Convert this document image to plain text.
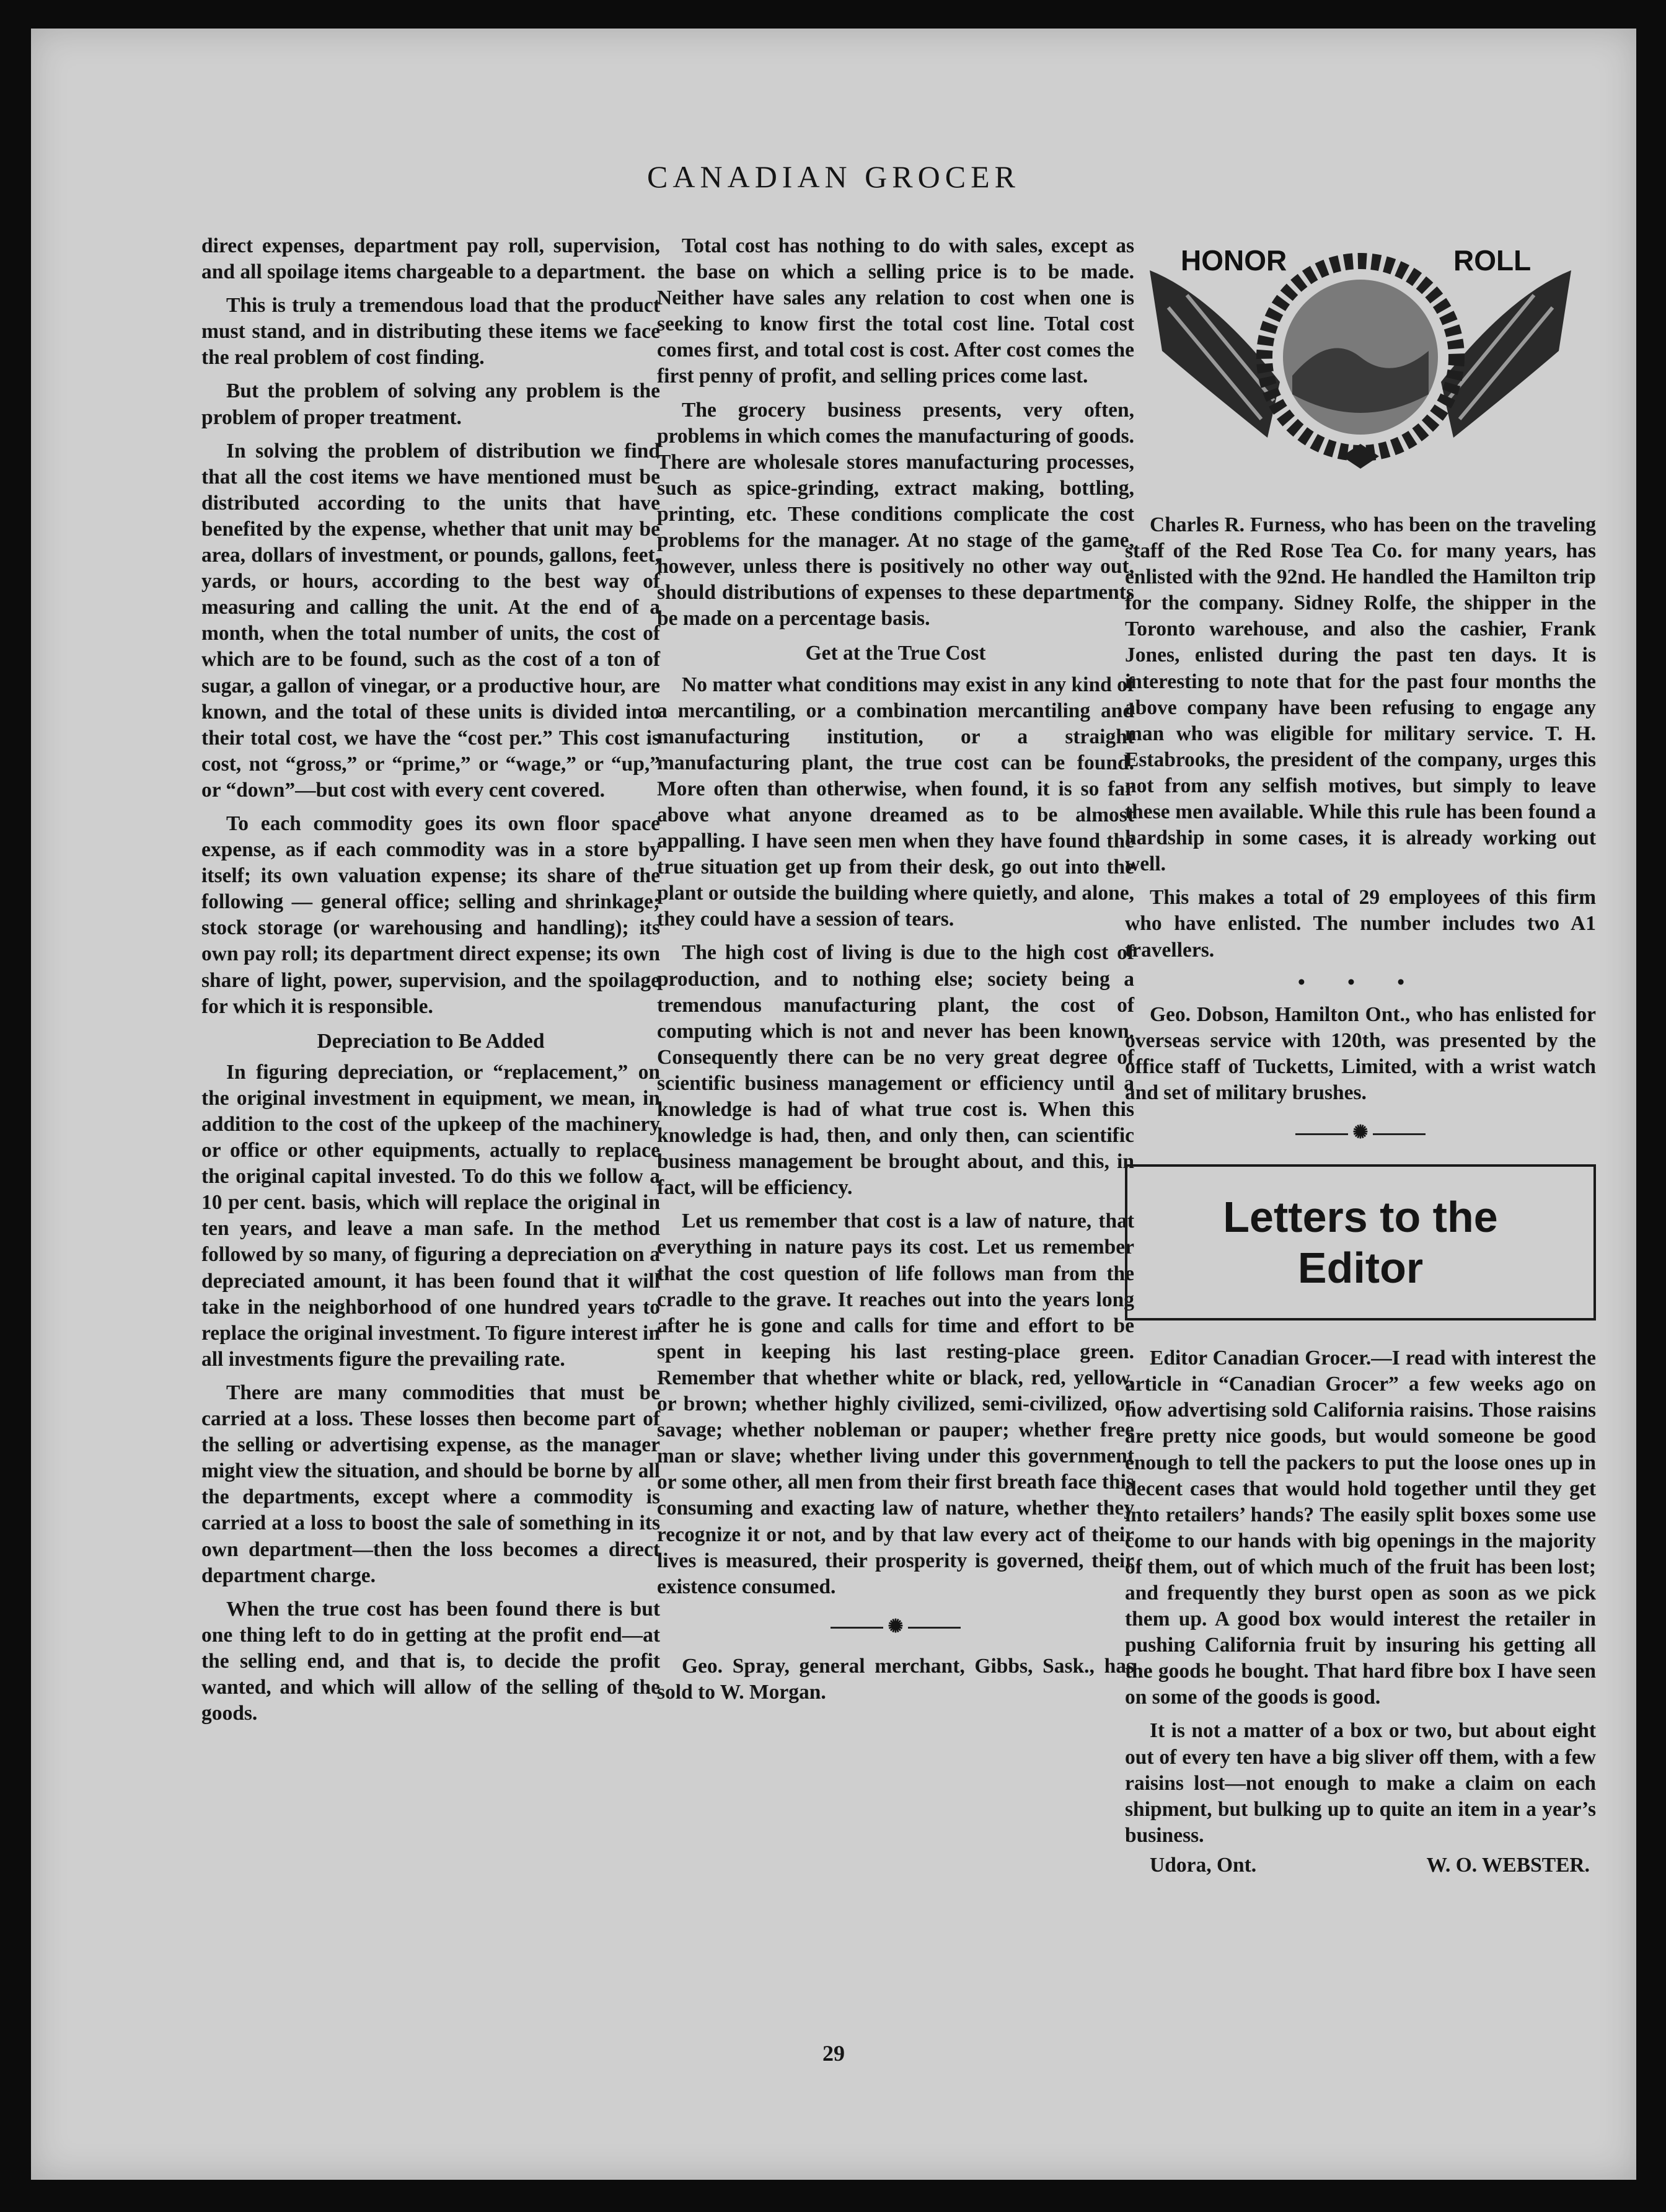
CANADIAN GROCER

direct expenses, department pay roll, supervision, and all spoilage items chargeable to a department.

This is truly a tremendous load that the product must stand, and in distributing these items we face the real problem of cost finding.

But the problem of solving any problem is the problem of proper treatment.

In solving the problem of distribution we find that all the cost items we have mentioned must be distributed according to the units that have benefited by the expense, whether that unit may be area, dollars of investment, or pounds, gallons, feet, yards, or hours, according to the best way of measuring and calling the unit. At the end of a month, when the total number of units, the cost of which are to be found, such as the cost of a ton of sugar, a gallon of vinegar, or a productive hour, are known, and the total of these units is divided into their total cost, we have the “cost per.” This cost is cost, not “gross,” or “prime,” or “wage,” or “up,” or “down”—but cost with every cent covered.

To each commodity goes its own floor space expense, as if each commodity was in a store by itself; its own valuation expense; its share of the following — general office; selling and shrinkage; stock storage (or warehousing and handling); its own pay roll; its department direct expense; its own share of light, power, supervision, and the spoilage for which it is responsible.

Depreciation to Be Added

In figuring depreciation, or “replacement,” on the original investment in equipment, we mean, in addition to the cost of the upkeep of the machinery or office or other equipments, actually to replace the original capital invested. To do this we follow a 10 per cent. basis, which will replace the original in ten years, and leave a man safe. In the method followed by so many, of figuring a depreciation on a depreciated amount, it has been found that it will take in the neighborhood of one hundred years to replace the original investment. To figure interest in all investments figure the prevailing rate.

There are many commodities that must be carried at a loss. These losses then become part of the selling or advertising expense, as the manager might view the situation, and should be borne by all the departments, except where a commodity is carried at a loss to boost the sale of something in its own department—then the loss becomes a direct department charge.

When the true cost has been found there is but one thing left to do in getting at the profit end—at the selling end, and that is, to decide the profit wanted, and which will allow of the selling of the goods.

Total cost has nothing to do with sales, except as the base on which a selling price is to be made. Neither have sales any relation to cost when one is seeking to know first the total cost line. Total cost comes first, and total cost is cost. After cost comes the first penny of profit, and selling prices come last.

The grocery business presents, very often, problems in which comes the manufacturing of goods. There are wholesale stores manufacturing processes, such as spice-grinding, extract making, bottling, printing, etc. These conditions complicate the cost problems for the manager. At no stage of the game, however, unless there is positively no other way out, should distributions of expenses to these departments be made on a percentage basis.

Get at the True Cost

No matter what conditions may exist in any kind of a mercantiling, or a combination mercantiling and manufacturing institution, or a straight manufacturing plant, the true cost can be found. More often than otherwise, when found, it is so far above what anyone dreamed as to be almost appalling. I have seen men when they have found the true situation get up from their desk, go out into the plant or outside the building where quietly, and alone, they could have a session of tears.

The high cost of living is due to the high cost of production, and to nothing else; society being a tremendous manufacturing plant, the cost of computing which is not and never has been known. Consequently there can be no very great degree of scientific business management or efficiency until a knowledge is had of what true cost is. When this knowledge is had, then, and only then, can scientific business management be brought about, and this, in fact, will be efficiency.

Let us remember that cost is a law of nature, that everything in nature pays its cost. Let us remember that the cost question of life follows man from the cradle to the grave. It reaches out into the years long after he is gone and calls for time and effort to be spent in keeping his last resting-place green. Remember that whether white or black, red, yellow, or brown; whether highly civilized, semi-civilized, or savage; whether nobleman or pauper; whether free man or slave; whether living under this government or some other, all men from their first breath face this consuming and exacting law of nature, whether they recognize it or not, and by that law every act of their lives is measured, their prosperity is governed, their existence consumed.

✺

Geo. Spray, general merchant, Gibbs, Sask., has sold to W. Morgan.

HONOR	ROLL

Charles R. Furness, who has been on the traveling staff of the Red Rose Tea Co. for many years, has enlisted with the 92nd. He handled the Hamilton trip for the company. Sidney Rolfe, the shipper in the Toronto warehouse, and also the cashier, Frank Jones, enlisted during the past ten days. It is interesting to note that for the past four months the above company have been refusing to engage any man who was eligible for military service. T. H. Estabrooks, the president of the company, urges this not from any selfish motives, but simply to leave these men available. While this rule has been found a hardship in some cases, it is already working out well.

This makes a total of 29 employees of this firm who have enlisted. The number includes two A1 travellers.

• • •

Geo. Dobson, Hamilton Ont., who has enlisted for overseas service with 120th, was presented by the office staff of Tucketts, Limited, with a wrist watch and set of military brushes.

✺
Letters to the
Editor

Editor Canadian Grocer.—I read with interest the article in “Canadian Grocer” a few weeks ago on how advertising sold California raisins. Those raisins are pretty nice goods, but would someone be good enough to tell the packers to put the loose ones up in decent cases that would hold together until they get into retailers’ hands? The easily split boxes some use come to our hands with big openings in the majority of them, out of which much of the fruit has been lost; and frequently they burst open as soon as we pick them up. A good box would interest the retailer in pushing California fruit by insuring his getting all the goods he bought. That hard fibre box I have seen on some of the goods is good.

It is not a matter of a box or two, but about eight out of every ten have a big sliver off them, with a few raisins lost—not enough to make a claim on each shipment, but bulking up to quite an item in a year’s business.

Udora, Ont.	W. O. WEBSTER.
29
